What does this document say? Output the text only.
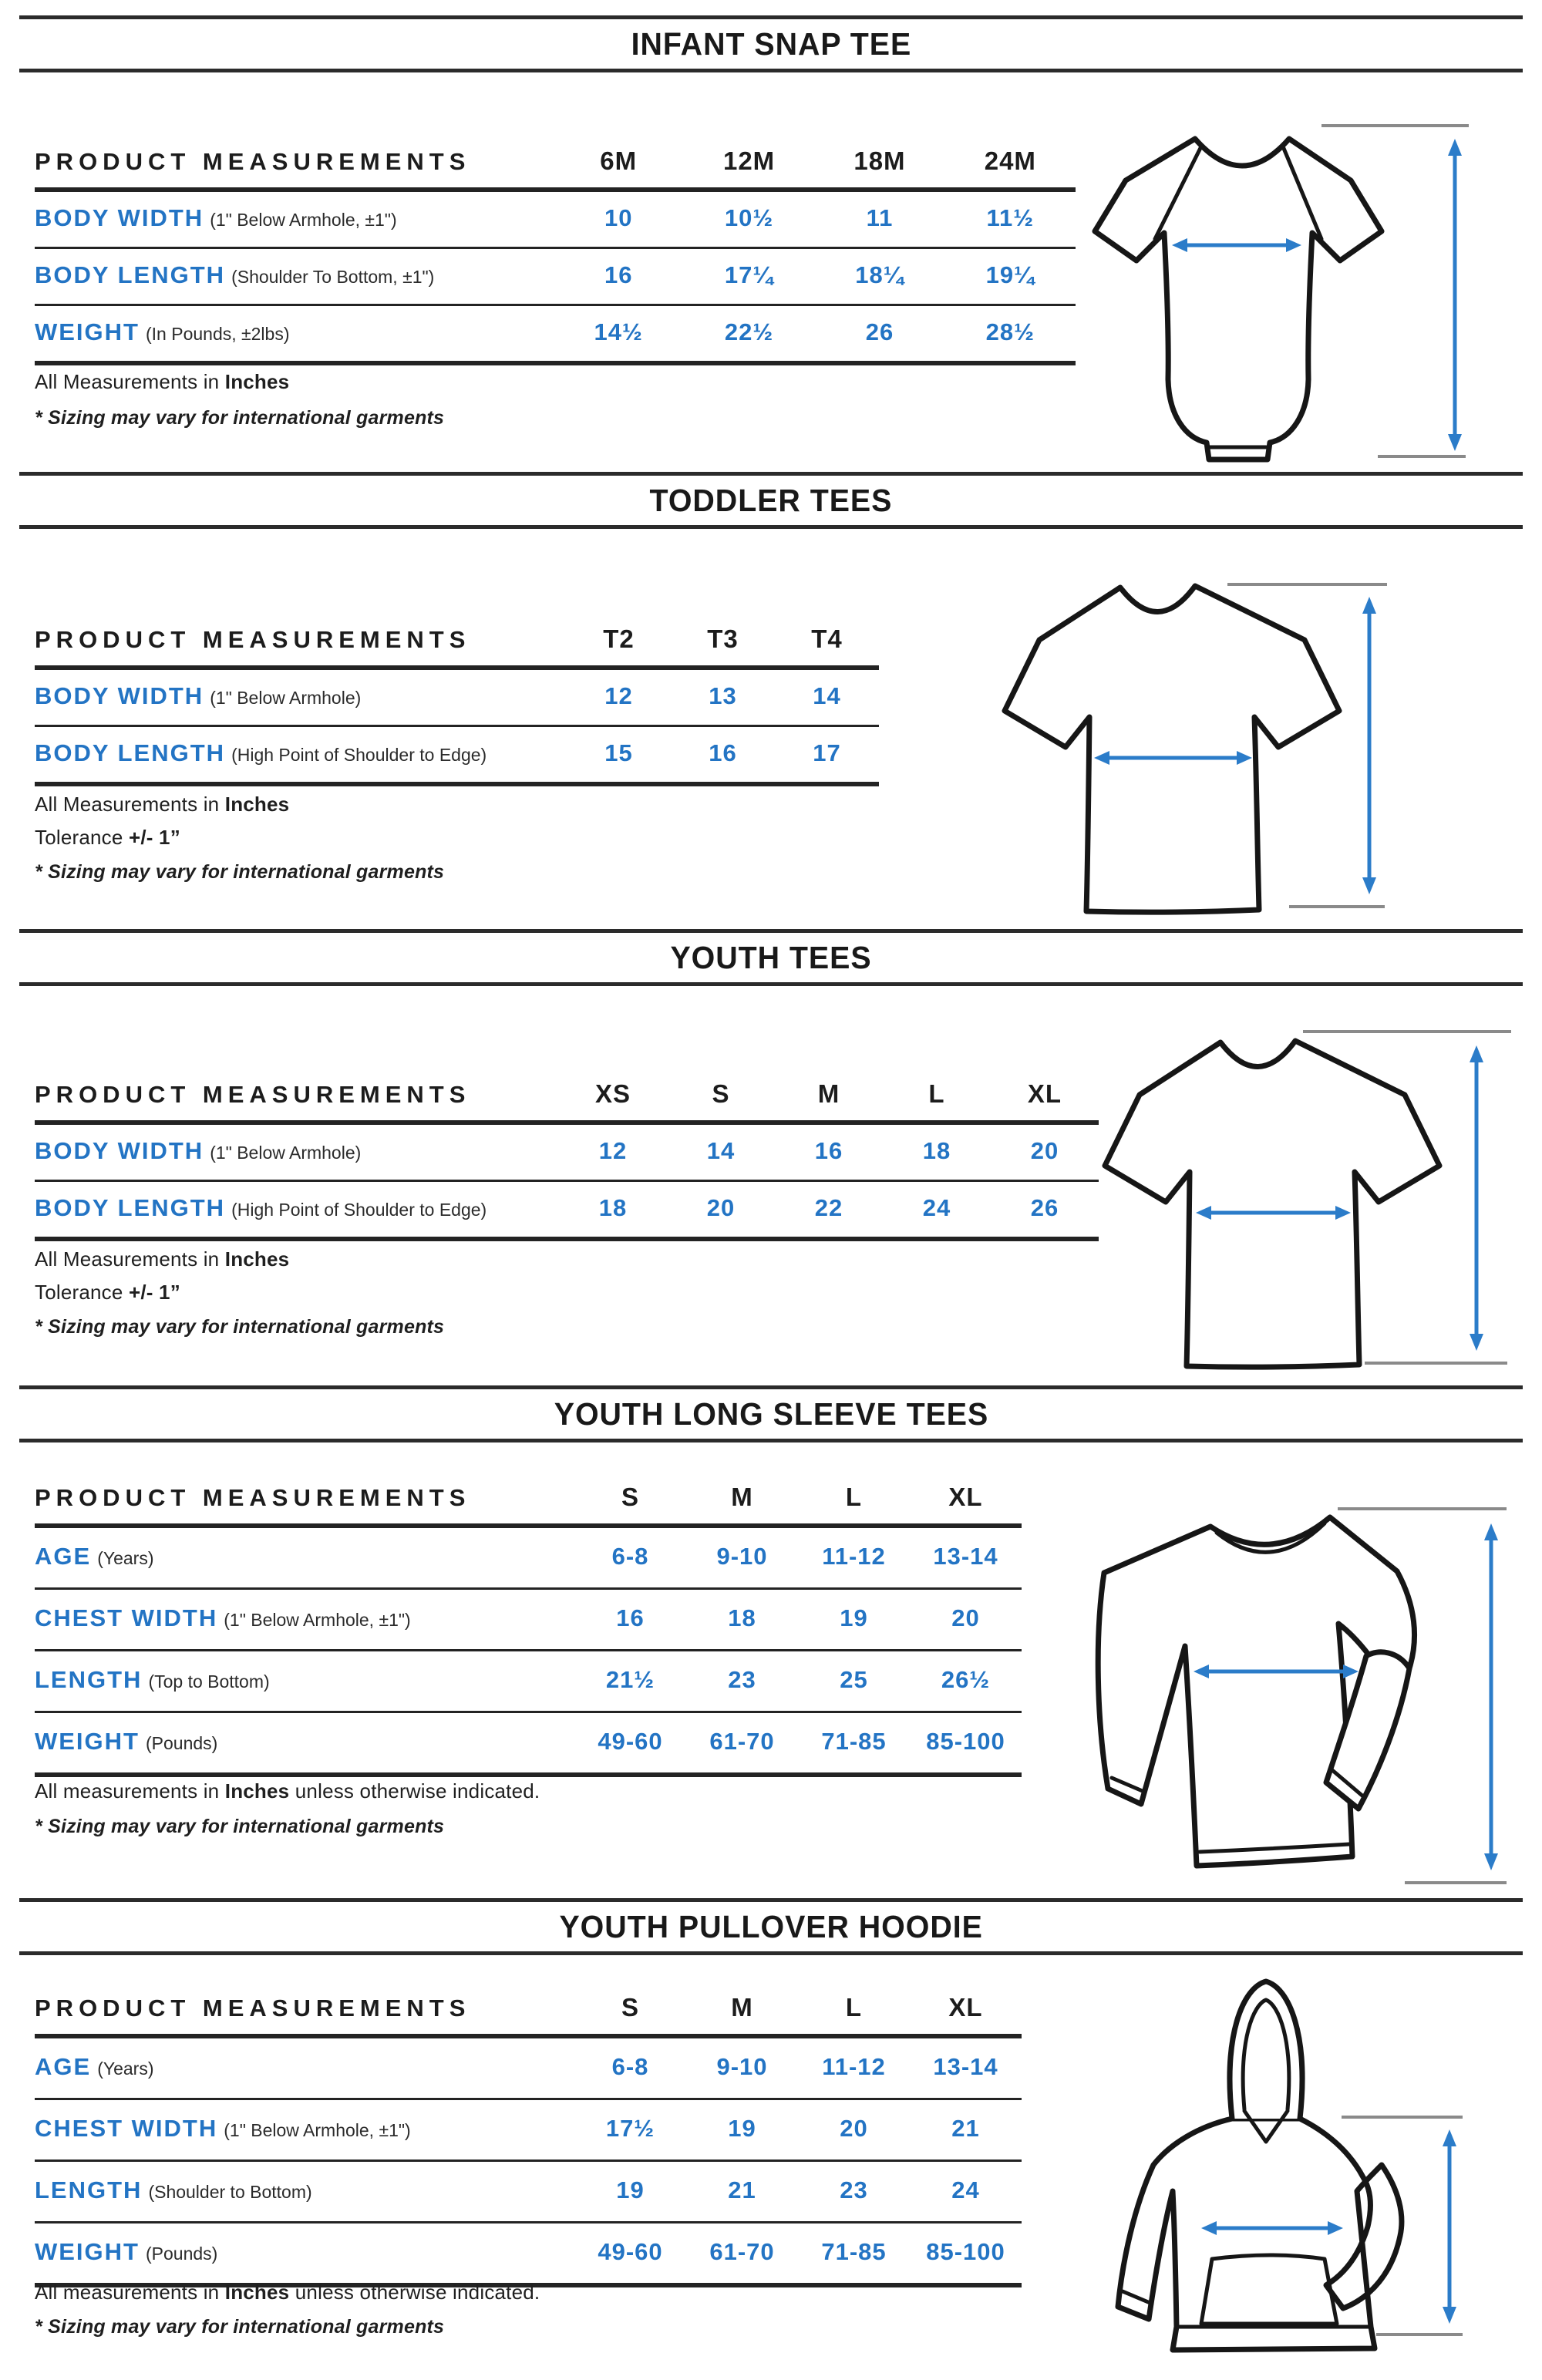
INFANT SNAP TEE
PRODUCT MEASUREMENTS	6M	12M	18M	24M
BODY WIDTH (1" Below Armhole, ±1")	10	10½	11	11½
BODY LENGTH (Shoulder To Bottom, ±1")	16	17¼	18¼	19¼
WEIGHT (In Pounds, ±2lbs)	14½	22½	26	28½
All Measurements in Inches
* Sizing may vary for international garments
TODDLER TEES
PRODUCT MEASUREMENTS	T2	T3	T4
BODY WIDTH (1" Below Armhole)	12	13	14
BODY LENGTH (High Point of Shoulder to Edge)	15	16	17
All Measurements in Inches
Tolerance +/- 1”
* Sizing may vary for international garments
YOUTH TEES
PRODUCT MEASUREMENTS	XS	S	M	L	XL
BODY WIDTH (1" Below Armhole)	12	14	16	18	20
BODY LENGTH (High Point of Shoulder to Edge)	18	20	22	24	26
All Measurements in Inches
Tolerance +/- 1”
* Sizing may vary for international garments
YOUTH LONG SLEEVE TEES
PRODUCT MEASUREMENTS	S	M	L	XL
AGE (Years)	6-8	9-10	11-12	13-14
CHEST WIDTH (1" Below Armhole, ±1")	16	18	19	20
LENGTH (Top to Bottom)	21½	23	25	26½
WEIGHT (Pounds)	49-60	61-70	71-85	85-100
All measurements in Inches unless otherwise indicated.
* Sizing may vary for international garments
YOUTH PULLOVER HOODIE
PRODUCT MEASUREMENTS	S	M	L	XL
AGE (Years)	6-8	9-10	11-12	13-14
CHEST WIDTH (1" Below Armhole, ±1")	17½	19	20	21
LENGTH (Shoulder to Bottom)	19	21	23	24
WEIGHT (Pounds)	49-60	61-70	71-85	85-100
All measurements in Inches unless otherwise indicated.
* Sizing may vary for international garments
